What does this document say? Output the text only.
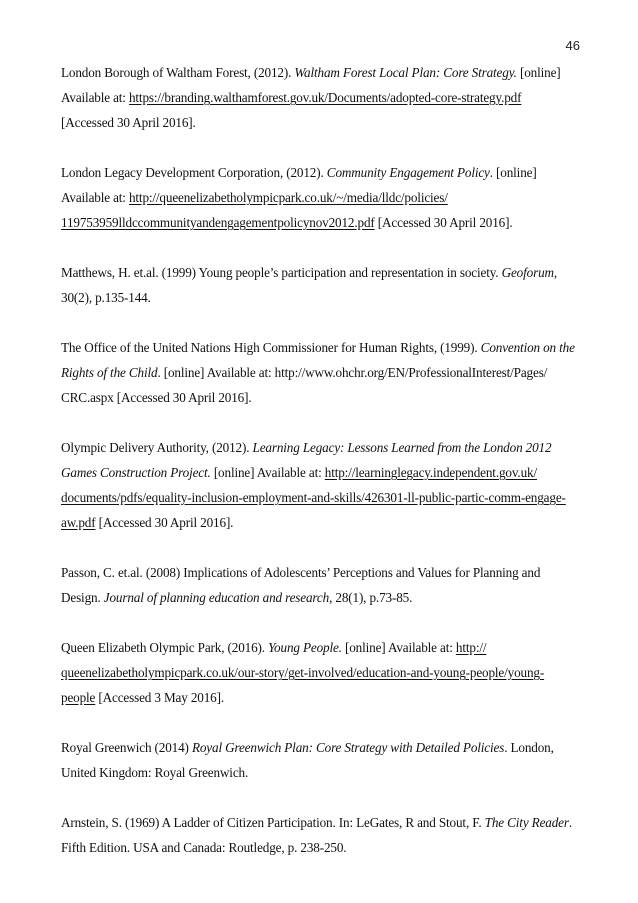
46
London Borough of Waltham Forest, (2012). Waltham Forest Local Plan: Core Strategy. [online]
Available at: https://branding.walthamforest.gov.uk/Documents/adopted-core-strategy.pdf
[Accessed 30 April 2016].
London Legacy Development Corporation, (2012). Community Engagement Policy. [online]
Available at: http://queenelizabetholympicpark.co.uk/~/media/lldc/policies/
119753959lldccommunityandengagementpolicynov2012.pdf [Accessed 30 April 2016].
Matthews, H. et.al. (1999) Young people’s participation and representation in society. Geoforum,
30(2), p.135-144.
The Office of the United Nations High Commissioner for Human Rights, (1999). Convention on the
Rights of the Child. [online] Available at: http://www.ohchr.org/EN/ProfessionalInterest/Pages/
CRC.aspx [Accessed 30 April 2016].
Olympic Delivery Authority, (2012). Learning Legacy: Lessons Learned from the London 2012
Games Construction Project. [online] Available at: http://learninglegacy.independent.gov.uk/
documents/pdfs/equality-inclusion-employment-and-skills/426301-ll-public-partic-comm-engage-
aw.pdf [Accessed 30 April 2016].
Passon, C. et.al. (2008) Implications of Adolescents’ Perceptions and Values for Planning and
Design. Journal of planning education and research, 28(1), p.73-85.
Queen Elizabeth Olympic Park, (2016). Young People. [online] Available at: http://
queenelizabetholympicpark.co.uk/our-story/get-involved/education-and-young-people/young-
people [Accessed 3 May 2016].
Royal Greenwich (2014) Royal Greenwich Plan: Core Strategy with Detailed Policies. London,
United Kingdom: Royal Greenwich.
Arnstein, S. (1969) A Ladder of Citizen Participation. In: LeGates, R and Stout, F. The City Reader.
Fifth Edition. USA and Canada: Routledge, p. 238-250.
